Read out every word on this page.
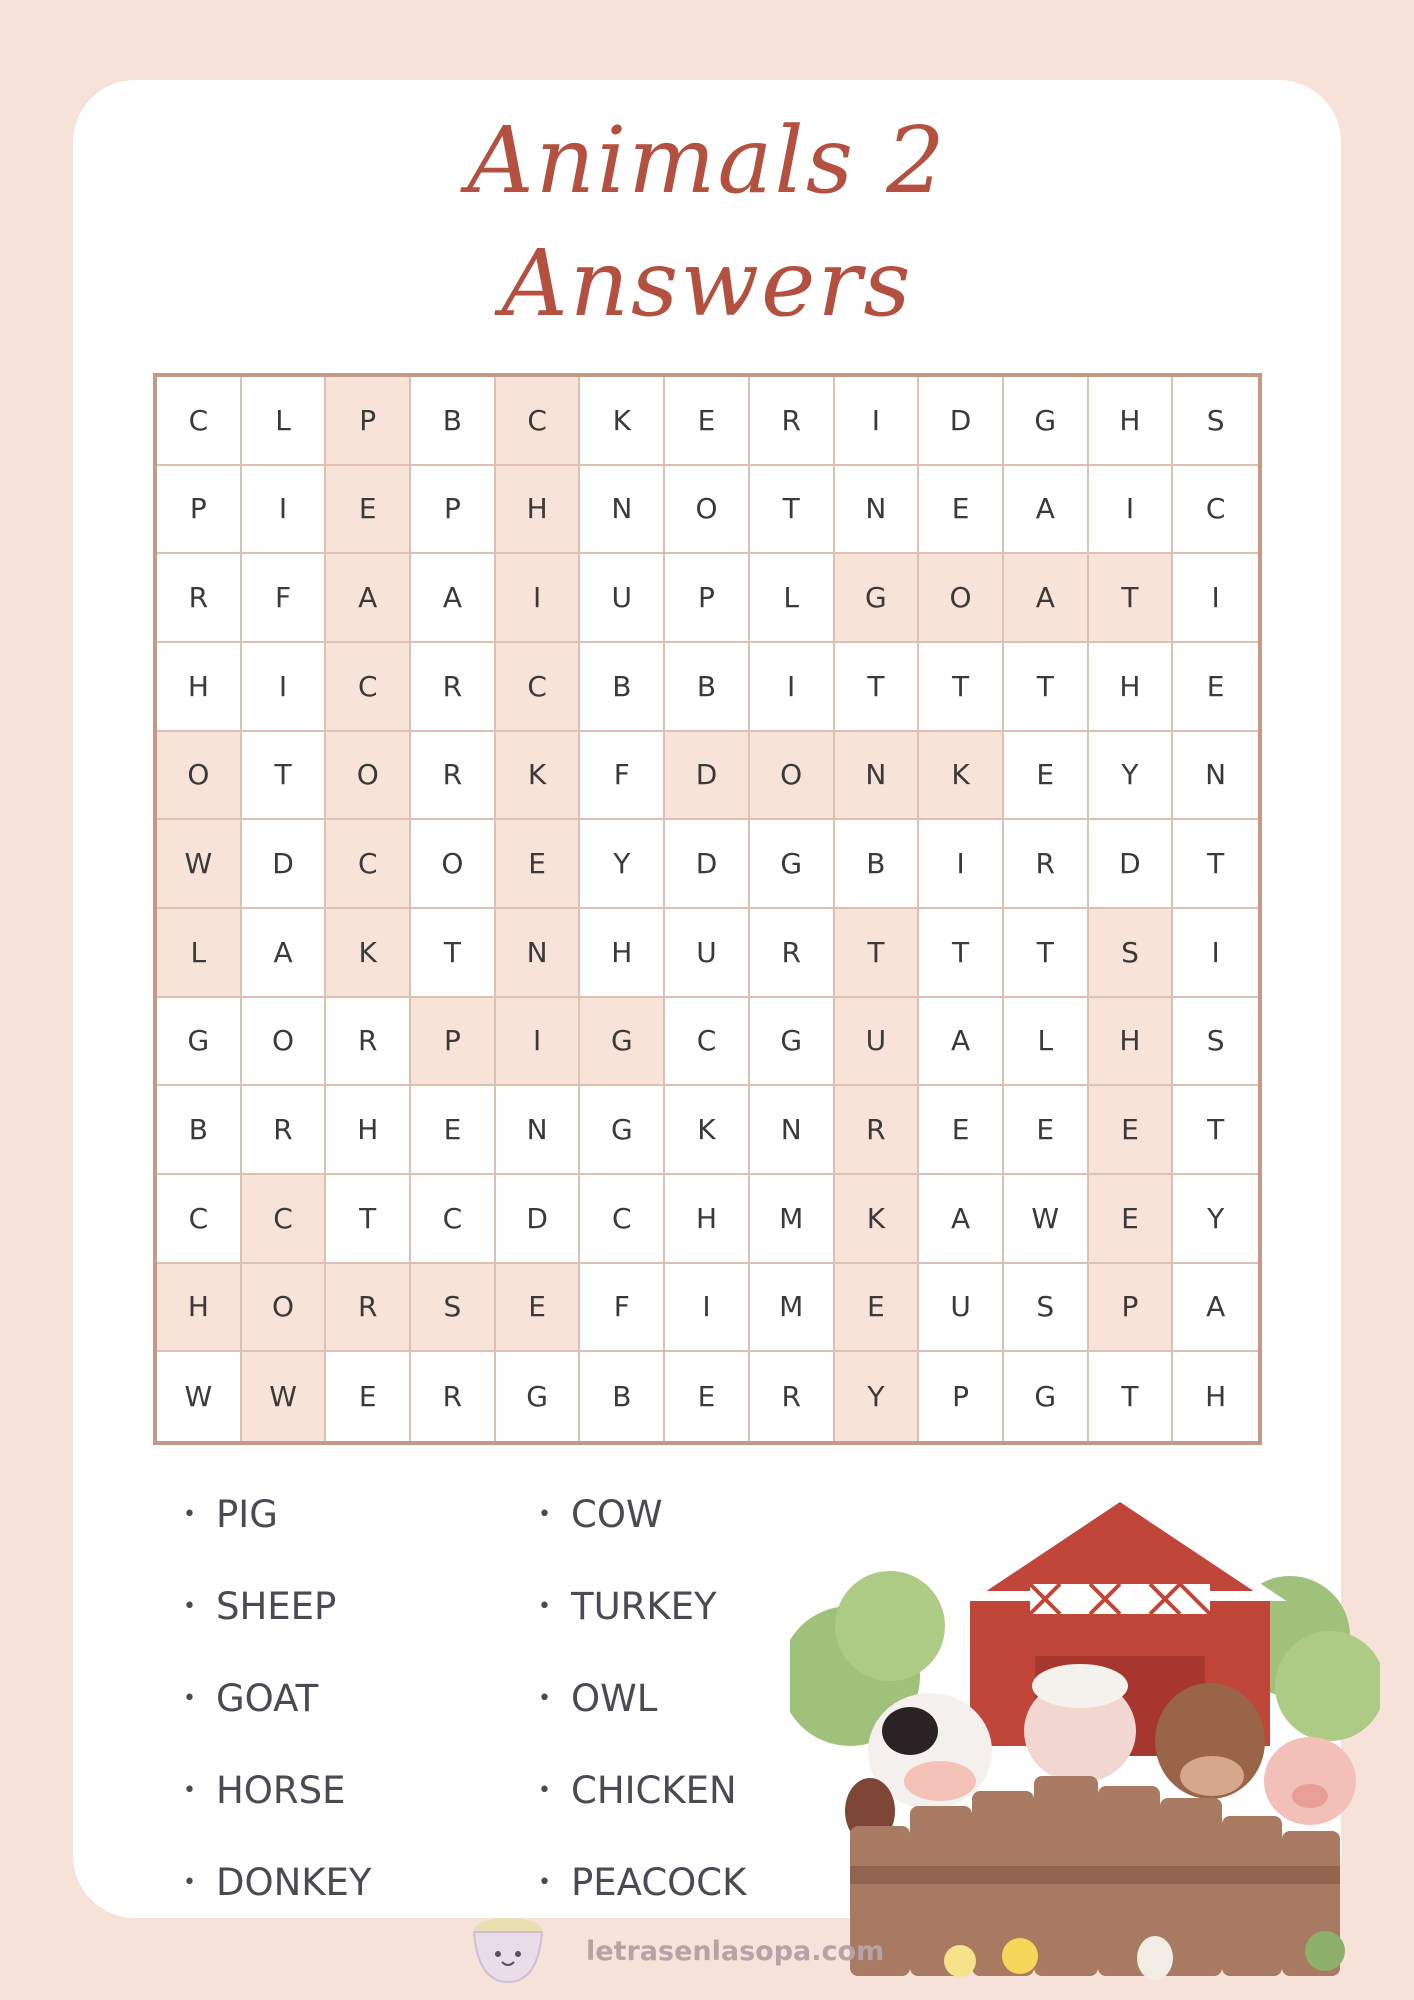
Animals 2
Answers
C	L	P	B	C	K	E	R	I	D	G	H	S
P	I	E	P	H	N	O	T	N	E	A	I	C
R	F	A	A	I	U	P	L	G	O	A	T	I
H	I	C	R	C	B	B	I	T	T	T	H	E
O	T	O	R	K	F	D	O	N	K	E	Y	N
W	D	C	O	E	Y	D	G	B	I	R	D	T
L	A	K	T	N	H	U	R	T	T	T	S	I
G	O	R	P	I	G	C	G	U	A	L	H	S
B	R	H	E	N	G	K	N	R	E	E	E	T
C	C	T	C	D	C	H	M	K	A	W	E	Y
H	O	R	S	E	F	I	M	E	U	S	P	A
W	W	E	R	G	B	E	R	Y	P	G	T	H
• PIG
• SHEEP
• GOAT
• HORSE
• DONKEY
• COW
• TURKEY
• OWL
• CHICKEN
• PEACOCK
letrasenlasopa.com
